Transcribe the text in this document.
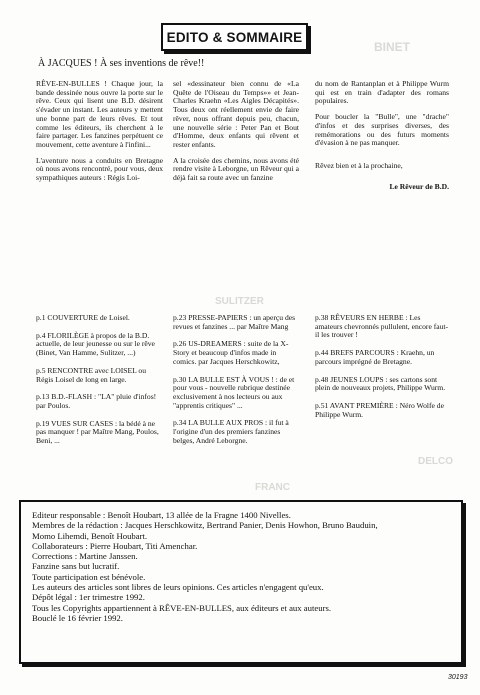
BINET
SULITZER
DELCO
FRANC
EDITO & SOMMAIRE
À JACQUES ! À ses inventions de rêve!!

RÊVE-EN-BULLES ! Chaque jour, la bande dessinée nous ouvre la porte sur le rêve. Ceux qui lisent une B.D. désirent s'évader un instant. Les auteurs y mettent une bonne part de leurs rêves. Et tout comme les éditeurs, ils cherchent à le faire partager. Les fanzines perpétuent ce mouvement, cette aventure à l'infini...

L'aventure nous a conduits en Bretagne où nous avons rencontré, pour vous, deux sympathiques auteurs : Régis Loi-

sel «dessinateur bien connu de «La Quête de l'Oiseau du Temps»» et Jean-Charles Kraehn «Les Aigles Décapités». Tous deux ont réellement envie de faire rêver, nous offrant depuis peu, chacun, une nouvelle série : Peter Pan et Bout d'Homme, deux enfants qui rêvent et rester enfants.

A la croisée des chemins, nous avons été rendre visite à Leborgne, un Rêveur qui a déjà fait sa route avec un fanzine

du nom de Rantanplan et à Philippe Wurm qui est en train d'adapter des romans populaires.

Pour boucler la "Bulle", une "drache" d'infos et des surprises diverses, des remémorations ou des futurs moments d'évasion à ne pas manquer.

Rêvez bien et à la prochaine,

Le Rêveur de B.D.

p.1 COUVERTURE de Loisel.
p.4 FLORILÈGE à propos de la B.D. actuelle, de leur jeunesse ou sur le rêve (Binet, Van Hamme, Sulitzer, ...)
p.5 RENCONTRE avec LOISEL ou Régis Loisel de long en large.
p.13 B.D.-FLASH : "LA" pluie d'infos! par Poulos.
p.19 VUES SUR CASES : la bédé à ne pas manquer ! par Maître Mang, Poulos, Beni, ...
p.23 PRESSE-PAPIERS : un aperçu des revues et fanzines ... par Maître Mang
p.26 US-DREAMERS : suite de la X-Story et beaucoup d'infos made in comics. par Jacques Herschkowitz,
p.30 LA BULLE EST À VOUS ! : de et pour vous - nouvelle rubrique destinée exclusivement à nos lecteurs ou aux "apprentis critiques" ...
p.34 LA BULLE AUX PROS : il fut à l'origine d'un des premiers fanzines belges, André Leborgne.
p.38 RÊVEURS EN HERBE : Les amateurs chevronnés pullulent, encore faut-il les trouver !
p.44 BREFS PARCOURS : Kraehn, un parcours imprégné de Bretagne.
p.48 JEUNES LOUPS : ses cartons sont plein de nouveaux projets, Philippe Wurm.
p.51 AVANT PREMIÈRE : Néro Wolfe de Philippe Wurm.
Editeur responsable : Benoît Houbart, 13 allée de la Fragne 1400 Nivelles.
Membres de la rédaction : Jacques Herschkowitz, Bertrand Panier, Denis Howhon, Bruno Bauduin,
Momo Lihemdi, Benoît Houbart.
Collaborateurs : Pierre Houbart, Titi Amenchar.
Corrections : Martine Janssen.
Fanzine sans but lucratif.
Toute participation est bénévole.
Les auteurs des articles sont libres de leurs opinions. Ces articles n'engagent qu'eux.
Dépôt légal : 1er trimestre 1992.
Tous les Copyrights appartiennent à RÊVE-EN-BULLES, aux éditeurs et aux auteurs.
Bouclé le 16 février 1992.
30193
